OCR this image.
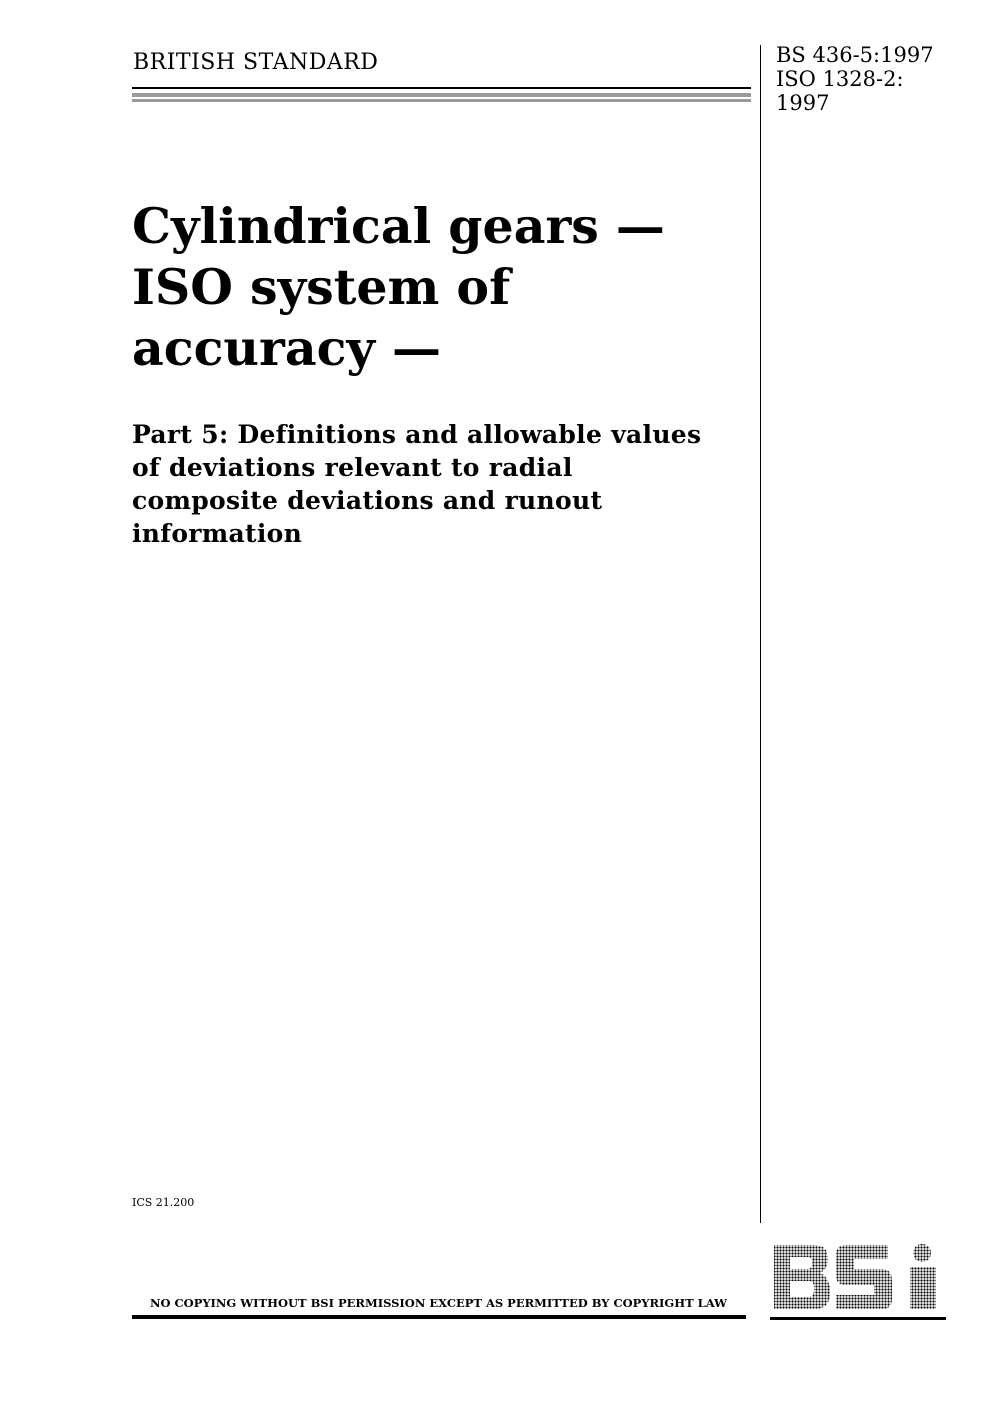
BRITISH STANDARD	BS 436-5:1997
ISO 1328-2:
1997
Cylindrical gears —
ISO system of
accuracy —
Part 5: Definitions and allowable values
of deviations relevant to radial
composite deviations and runout
information
ICS 21.200
NO COPYING WITHOUT BSI PERMISSION EXCEPT AS PERMITTED BY COPYRIGHT LAW
